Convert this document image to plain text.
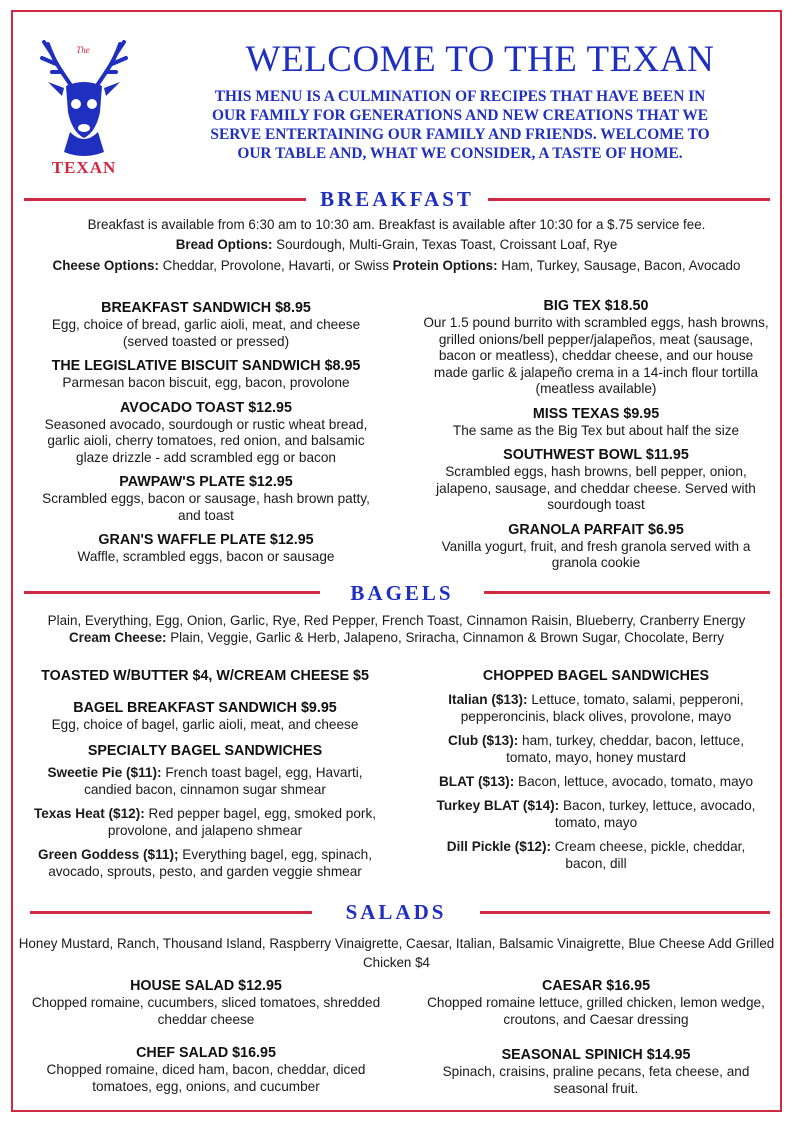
The
TEXAN
WELCOME TO THE TEXAN
THIS MENU IS A CULMINATION OF RECIPES THAT HAVE BEEN IN
OUR FAMILY FOR GENERATIONS AND NEW CREATIONS THAT WE
SERVE ENTERTAINING OUR FAMILY AND FRIENDS. WELCOME TO
OUR TABLE AND, WHAT WE CONSIDER, A TASTE OF HOME.
BREAKFAST
Breakfast is available from 6:30 am to 10:30 am. Breakfast is available after 10:30 for a $.75 service fee.
Bread Options: Sourdough, Multi-Grain, Texas Toast, Croissant Loaf, Rye
Cheese Options: Cheddar, Provolone, Havarti, or Swiss Protein Options: Ham, Turkey, Sausage, Bacon, Avocado
BREAKFAST SANDWICH $8.95
Egg, choice of bread, garlic aioli, meat, and cheese (served toasted or pressed)
THE LEGISLATIVE BISCUIT SANDWICH $8.95
Parmesan bacon biscuit, egg, bacon, provolone
AVOCADO TOAST $12.95
Seasoned avocado, sourdough or rustic wheat bread, garlic aioli, cherry tomatoes, red onion, and balsamic glaze drizzle - add scrambled egg or bacon
PAWPAW'S PLATE $12.95
Scrambled eggs, bacon or sausage, hash brown patty, and toast
GRAN'S WAFFLE PLATE $12.95
Waffle, scrambled eggs, bacon or sausage
BIG TEX $18.50
Our 1.5 pound burrito with scrambled eggs, hash browns, grilled onions/bell pepper/jalapeños, meat (sausage, bacon or meatless), cheddar cheese, and our house made garlic & jalapeño crema in a 14-inch flour tortilla (meatless available)
MISS TEXAS $9.95
The same as the Big Tex but about half the size
SOUTHWEST BOWL $11.95
Scrambled eggs, hash browns, bell pepper, onion, jalapeno, sausage, and cheddar cheese. Served with sourdough toast
GRANOLA PARFAIT $6.95
Vanilla yogurt, fruit, and fresh granola served with a granola cookie
BAGELS
Plain, Everything, Egg, Onion, Garlic, Rye, Red Pepper, French Toast, Cinnamon Raisin, Blueberry, Cranberry Energy
Cream Cheese: Plain, Veggie, Garlic & Herb, Jalapeno, Sriracha, Cinnamon & Brown Sugar, Chocolate, Berry
TOASTED W/BUTTER $4, W/CREAM CHEESE $5
BAGEL BREAKFAST SANDWICH $9.95
Egg, choice of bagel, garlic aioli, meat, and cheese
SPECIALTY BAGEL SANDWICHES
Sweetie Pie ($11): French toast bagel, egg, Havarti, candied bacon, cinnamon sugar shmear
Texas Heat ($12): Red pepper bagel, egg, smoked pork, provolone, and jalapeno shmear
Green Goddess ($11); Everything bagel, egg, spinach, avocado, sprouts, pesto, and garden veggie shmear
CHOPPED BAGEL SANDWICHES
Italian ($13): Lettuce, tomato, salami, pepperoni, pepperoncinis, black olives, provolone, mayo
Club ($13): ham, turkey, cheddar, bacon, lettuce, tomato, mayo, honey mustard
BLAT ($13): Bacon, lettuce, avocado, tomato, mayo
Turkey BLAT ($14): Bacon, turkey, lettuce, avocado, tomato, mayo
Dill Pickle ($12): Cream cheese, pickle, cheddar, bacon, dill
SALADS
Honey Mustard, Ranch, Thousand Island, Raspberry Vinaigrette, Caesar, Italian, Balsamic Vinaigrette, Blue Cheese Add Grilled Chicken $4
HOUSE SALAD $12.95
Chopped romaine, cucumbers, sliced tomatoes, shredded cheddar cheese
CHEF SALAD $16.95
Chopped romaine, diced ham, bacon, cheddar, diced tomatoes, egg, onions, and cucumber
CAESAR $16.95
Chopped romaine lettuce, grilled chicken, lemon wedge, croutons, and Caesar dressing
SEASONAL SPINICH $14.95
Spinach, craisins, praline pecans, feta cheese, and seasonal fruit.
